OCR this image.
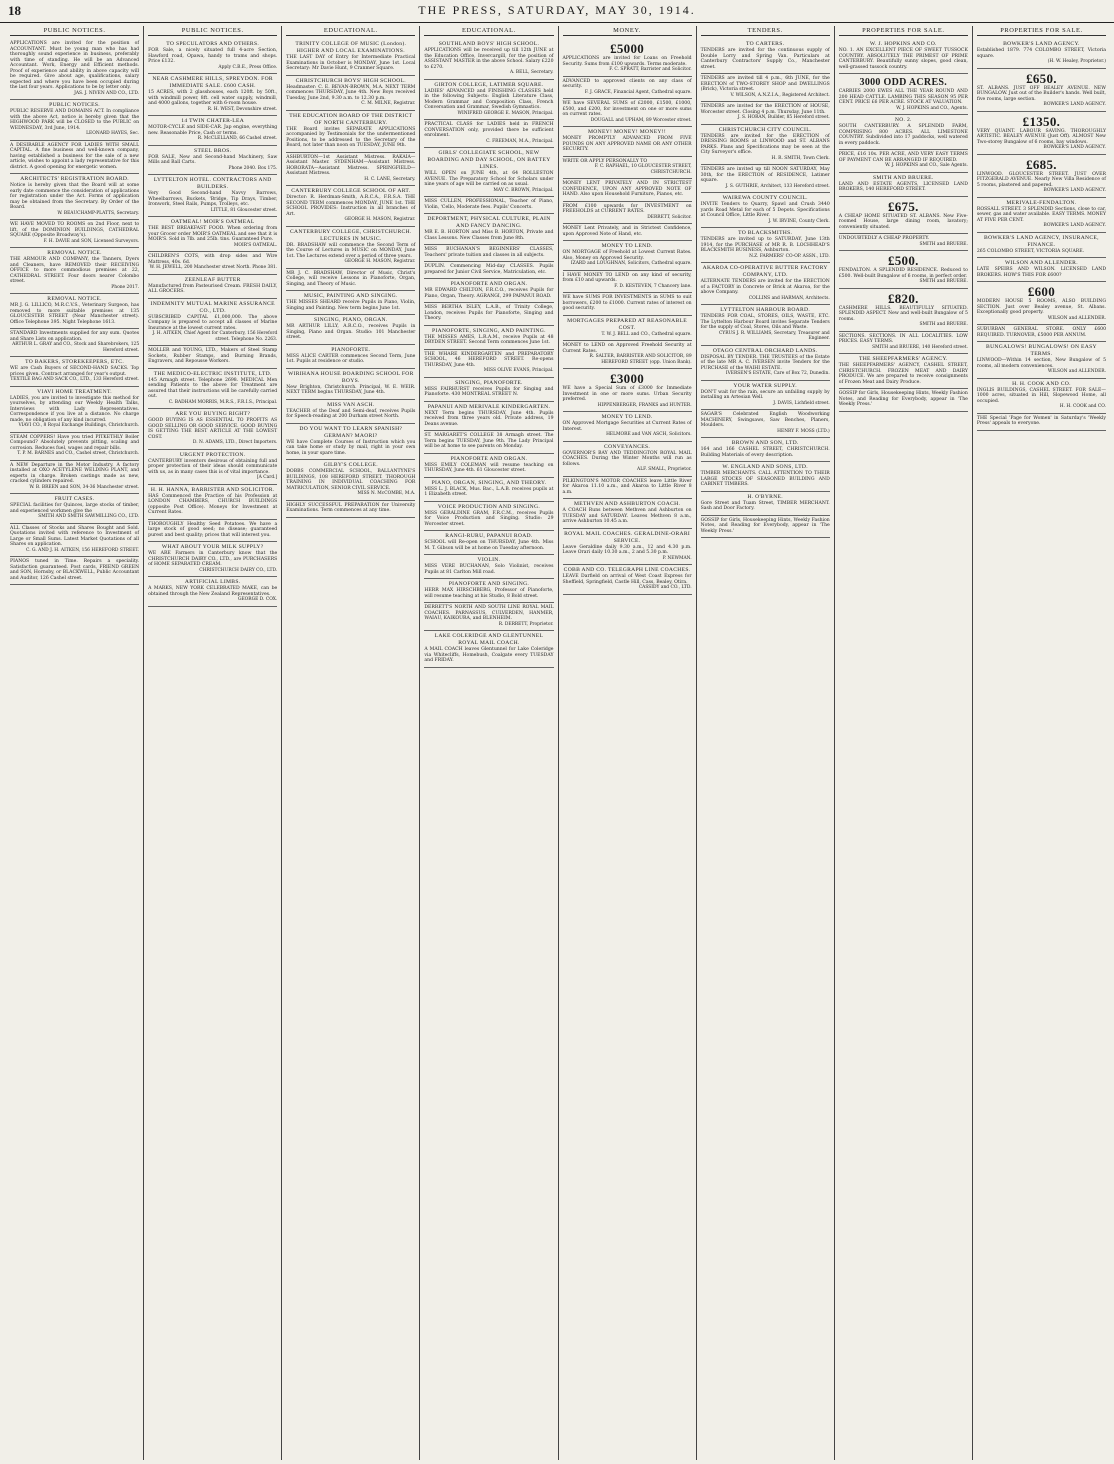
18	THE PRESS, SATURDAY, MAY 30, 1914.
PUBLIC NOTICES.
APPLICATIONS are invited for the position of ACCOUNTANT. Must be young man who has had thoroughly sound experience in business, preferably with time of standing. He will be an Advanced Accountant. Work, Energy and Efficient methods. Proof of experience and ability in above capacity will be required. Give about age, qualifications, salary expected and where you have been occupied during the last four years. Applications to be by letter only.
JAS. J. NIVEN AND CO., LTD.
PUBLIC NOTICES.
PUBLIC RESERVE AND DOMAINS ACT. In compliance with the above Act, notice is hereby given that the HIGHWOOD PARK will be CLOSED to the PUBLIC on WEDNESDAY, 3rd June, 1914.
LEONARD HAYES, Sec.
A DESIRABLE AGENCY FOR LADIES WITH SMALL CAPITAL. A fine business and well-known company, having established a business for the sale of a new article, wishes to appoint a lady representative for this district. A good opening for energetic women.
ARCHITECTS' REGISTRATION BOARD.
Notice is hereby given that the Board will at some early date commence the consideration of applications for registration under the Act. Forms of application may be obtained from the Secretary. By Order of the Board.
W. BEAUCHAMP-PLATTS, Secretary.
WE HAVE MOVED TO ROOMS on 2nd Floor, next to lift, of the DOMINION BUILDINGS, CATHEDRAL SQUARE (Opposite Broadway's).
F. H. DAVIE and SON, Licensed Surveyors.
REMOVAL NOTICE.
THE ARMOUR AND COMPANY, the Tanners, Dyers and Cleaners, have REMOVED their RECEIVING OFFICE to more commodious premises at 22, CATHEDRAL STREET. Four doors nearer Colombo street.
Phone 2017.
REMOVAL NOTICE.
MR J. G. LILLICO, M.R.C.V.S., Veterinary Surgeon, has removed to more suitable premises at 135 GLOUCESTER STREET (Near Manchester street). Office Telephone 395. Night Telephone 1613.
STANDARD Investments supplied for any sum. Quotes and Share Lists on application.
ARTHUR L. GRAY and CO., Stock and Sharebrokers, 125 Hereford street.
TO BAKERS, STOREKEEPERS, ETC.
WE are Cash Buyers of SECOND-HAND SACKS. Top prices given. Contract arranged for year's output.
TEXTILE BAG AND SACK CO., LTD., 133 Hereford street.
VIAVI HOME TREATMENT.
LADIES, you are invited to investigate this method for yourselves, by attending our Weekly Health Talks, Interviews with Lady Representatives. Correspondence if you live at a distance. No charge made, no obligation of any kind incurred.
VIAVI CO., 8 Royal Exchange Buildings, Christchurch.
STEAM COPPERS! Have you tried PITKETHLY Boiler Compound? Absolutely prevents pitting, scaling and corrosion. Reduces fuel, wages and repair bills.
T. P. M. BARNES and CO., Cashel street, Christchurch.
A NEW Departure in the Motor Industry. A factory installed at OXO ACETYLENE WELDING PLANT, and experts in charge. Broken castings made as new, cracked cylinders repaired.
W. B. BREEN and SON, 34-36 Manchester street.
FRUIT CASES.
SPECIAL facilities for Quinces, large stocks of timber, and experienced workmen give the
SMITH AND SMITH SAWMILLING CO., LTD.
ALL Classes of Stocks and Shares Bought and Sold. Quotations invited with reference to Investment of Large or Small Sums. Latest Market Quotations of all Shares on application.
C. G. AND J. H. AITKEN, 156 HEREFORD STREET.
PIANOS tuned in Time. Repairs a speciality. Satisfaction guaranteed. Post cards, FRIEND GREEN and SON, Hornsby, or BLACKWELL, Public Accountant and Auditor, 126 Cashel street.
PUBLIC NOTICES.
TO SPECULATORS AND OTHERS.
FOR Sale, a nicely situated full 4-acre Section, Hawford road, Opawa, handy to trams and shops. Price £132.
Apply C.B.E., Press Office.
NEAR CASHMERE HILLS, SPREYDON. FOR IMMEDIATE SALE. £600 CASH.
15 ACRES, with 2 glasshouses, each 120ft. by 50ft., with windmill power, 8ft. cell water supply, windmill, and 4000 gallons, together with 6-room house.
R. H. WEST, Devonshire street.
14 TWIN CHATER-LEA
MOTOR-CYCLE and SIDE-CAR. Jap engine, everything new. Reasonable Price, Cash or terms.
R. McCLELLAND, 66 Cashel street.
STEEL BROS.
FOR SALE, New and Second-hand Machinery, Saw Mills and Ball Carts.
Phone 2040. Box 175.
LYTTELTON HOTEL. CONTRACTORS AND BUILDERS.
Very Good Second-hand Navvy Barrows, Wheelbarrows, Buckets, 'Bridge, Tip Drays, Timber, Ironwork, Steel Rails, Pumps, Trolleys, etc.
LITTLE, 81 Gloucester street.
OATMEAL! MOIR'S OATMEAL
THE BEST BREAKFAST FOOD. When ordering from your Grocer order MOIR'S OATMEAL and see that it is MOIR'S. Sold in 7lb. and 25lb. tins. Guaranteed Pure.
MOIR'S OATMEAL.
CHILDREN'S COTS, with drop sides and Wire Mattress, 40s. 6d.
W. H. JEWELL, 200 Manchester street North. Phone 381.
ZEENLEAF BUTTER
Manufactured from Pasteurised Cream. FRESH DAILY, ALL GROCERS.
INDEMNITY MUTUAL MARINE ASSURANCE CO., LTD.
SUBSCRIBED CAPITAL £1,000,000. The above Company is prepared to accept all classes of Marine Insurance at the lowest current rates.
J. H. AITKEN, Chief Agent for Canterbury, 156 Hereford street. Telephone No. 2263.
MOLLER and YOUNG, LTD., Makers of Steel Stamp Sockets, Rubber Stamps, and Burning Brands, Engravers, and Repousse Workers.
THE MEDICO-ELECTRIC INSTITUTE, LTD.
145 Armagh street. Telephone 2698. MEDICAL Men sending Patients to the above for Treatment are assured that their instructions will be carefully carried out.
C. BADHAM MORRIS, M.R.S., F.R.I.S., Principal.
ARE YOU BUYING RIGHT?
GOOD BUYING IS AS ESSENTIAL TO PROFITS AS GOOD SELLING OR GOOD SERVICE. GOOD BUYING IS GETTING THE BEST ARTICLE AT THE LOWEST COST.
D. N. ADAMS, LTD., Direct Importers.
URGENT PROTECTION.
CANTERBURY inventors desirous of obtaining full and proper protection of their ideas should communicate with us, as in many cases this is of vital importance.
[A Card.]
H. H. HANNA, BARRISTER AND SOLICITOR.
HAS Commenced the Practice of his Profession at LONDON CHAMBERS, CHURCH BUILDINGS (opposite Post Office). Moneys for Investment at Current Rates.
THOROUGHLY Healthy Seed Potatoes. We have a large stock of good seed; no disease; guaranteed purest and best quality; prices that will interest you.
WHAT ABOUT YOUR MILK SUPPLY?
WE ARE Farmers in Canterbury know that the CHRISTCHURCH DAIRY CO., LTD., are PURCHASERS of HOME SEPARATED CREAM.
CHRISTCHURCH DAIRY CO., LTD.
ARTIFICIAL LIMBS.
A MARKS, NEW YORK CELEBRATED MAKE, can be obtained through the New Zealand Representatives.
GEORGE D. COX.
EDUCATIONAL.
TRINITY COLLEGE OF MUSIC (London). HIGHER AND LOCAL EXAMINATIONS.
THE LAST DAY of Entry for Intermediate Practical Examinations in October is MONDAY, June 1st. Local Secretary: Mr Davie Hunt, 9 Cranmer Square.
CHRISTCHURCH BOYS' HIGH SCHOOL.
Headmaster: C. E. BEVAN-BROWN, M.A. NEXT TERM commences THURSDAY, June 4th. New Boys received Tuesday, June 2nd, 9.30 a.m. to 12.30 p.m.
C. M. MILNE, Registrar.
THE EDUCATION BOARD OF THE DISTRICT OF NORTH CANTERBURY.
THE Board invites SEPARATE APPLICATIONS accompanied by Testimonials for the undermentioned Positions, to be addressed to the Secretary of the Board, not later than noon on TUESDAY, JUNE 9th.
ASHBURTON—1st Assistant Mistress. RAKAIA—Assistant Master. SYDENHAM—Assistant Mistress. HORORATA—Assistant Mistress. SPRINGFIELD—Assistant Mistress.
H. C. LANE, Secretary.
CANTERBURY COLLEGE SCHOOL OF ART.
Director: R. Herdman-Smith, A.R.C.A., F.R.S.A. THE SECOND TERM commences MONDAY, JUNE 1st. THE SCHOOL PROVIDES: Instruction in all branches of Art.
GEORGE H. MASON, Registrar.
CANTERBURY COLLEGE, CHRISTCHURCH. LECTURES IN MUSIC.
DR. BRADSHAW will commence the Second Term of the Course of Lectures in MUSIC on MONDAY, June 1st. The Lectures extend over a period of three years.
GEORGE H. MASON, Registrar.
MR J. C. BRADSHAW, Director of Music, Christ's College, will receive Lessons in Pianoforte, Organ, Singing, and Theory of Music.
MUSIC, PAINTING AND SINGING.
THE MISSES SHEARD receive Pupils in Piano, Violin, Singing and Painting. New term begins June 1st.
SINGING, PIANO, ORGAN.
MR ARTHUR LILLY, A.R.C.O., receives Pupils in Singing, Piano and Organ. Studio: 101 Manchester street.
PIANOFORTE.
MISS ALICE CARTER commences Second Term, June 1st. Pupils at residence or studio.
WIRIHANA HOUSE BOARDING SCHOOL FOR BOYS.
New Brighton, Christchurch. Principal, W. E. WEIR. NEXT TERM begins THURSDAY, June 4th.
MISS VAN ASCH.
TEACHER of the Deaf and Semi-deaf, receives Pupils for Speech-reading at 200 Durham street North.
DO YOU WANT TO LEARN SPANISH? GERMAN? MAORI?
WE have Complete Courses of Instruction which you can take home or study by mail, right in your own home, in your spare time.
GILBY'S COLLEGE.
DOBBS COMMERCIAL SCHOOL, BALLANTYNE'S BUILDINGS, 108 HEREFORD STREET. THOROUGH TRAINING IN INDIVIDUAL COACHING FOR MATRICULATION, SENIOR CIVIL SERVICE.
MISS N. McCOMBE, M.A.
HIGHLY SUCCESSFUL PREPARATION for University Examinations. Term commences at any time.
EDUCATIONAL.
SOUTHLAND BOYS' HIGH SCHOOL.
APPLICATIONS will be received up till 12th JUNE at the Education Office, Invercargill, for the position of ASSISTANT MASTER in the above School. Salary £220 to £270.
A. BELL, Secretary.
GIRTON COLLEGE, LATIMER SQUARE.
LADIES' ADVANCED and FINISHING CLASSES held in the following Subjects: English Literature Class, Modern Grammar and Composition Class, French Conversation and Grammar, Swedish Gymnastics.
WINIFRED GEORGE E. MASON, Principal.
PRACTICAL CLASS for LADIES held in FRENCH CONVERSATION only, provided there be sufficient enrolment.
C. FREEMAN, M.A., Principal.
GIRLS' COLLEGIATE SCHOOL, NEW BOARDING AND DAY SCHOOL, ON BATTEY LINES.
WILL OPEN on JUNE 4th, at 64 ROLLESTON AVENUE. The Preparatory School for Scholars under nine years of age will be carried on as usual.
MAY C. BROWN, Principal.
MISS CULLEN, PROFESSIONAL, Teacher of Piano, Violin, 'Cello, Moderate fees. Pupils' Concerts.
DEPORTMENT, PHYSICAL CULTURE, PLAIN AND FANCY DANCING.
MR E. B. HORTON and Miss B. HORTON, Private and Class Lessons. New Classes from June 8th.
MISS BUCHANAN'S BEGINNERS' CLASSES, Teachers' private tuition and classes in all subjects.
DUPLIN. Commencing Mid-day CLASSES. Pupils prepared for Junior Civil Service, Matriculation, etc.
PIANOFORTE AND ORGAN.
MR EDWARD CHILTON, F.R.C.O., receives Pupils for Piano, Organ, Theory. AGRANGI, 299 PAPANUI ROAD.
MISS BERTHA ISLEY, L.A.B., of Trinity College, London, receives Pupils for Pianoforte, Singing and Theory.
PIANOFORTE, SINGING, AND PAINTING.
THE MISSES AMES, L.R.A.M., receive Pupils at 48 DRYDEN STREET. Second Term commences June 1st.
THE WHARE KINDERGARTEN and PREPARATORY SCHOOL, 46 HEREFORD STREET. Re-opens THURSDAY, June 4th.
MISS OLIVE EVANS, Principal.
SINGING, PIANOFORTE.
MISS FAIRHURST receives Pupils for Singing and Pianoforte. 430 MONTREAL STREET N.
PAPANUI AND MERIVALE KINDERGARTEN.
NEXT Term begins THURSDAY, June 4th. Pupils received from three years old. Private address, 19 Deans avenue.
ST. MARGARET'S COLLEGE 38 Armagh street. The Term begins TUESDAY, June 9th. The Lady Principal will be at home to see parents on Monday.
PIANOFORTE AND ORGAN.
MISS EMILY COLEMAN will resume teaching on THURSDAY, June 4th. 61 Gloucester street.
PIANO, ORGAN, SINGING, AND THEORY.
MISS L. J. BLACK, Mus. Bac., L.A.B. receives pupils at 1 Elizabeth street.
VOICE PRODUCTION AND SINGING.
MISS GERALDINE GRAM, F.R.C.M., receives Pupils for Voice Production and Singing. Studio: 29 Worcester street.
RANGI-RURU, PAPANUI ROAD.
SCHOOL will Re-open on THURSDAY, June 4th. Miss M. T. Gibson will be at home on Tuesday afternoon.
VIOLIN.
MISS VERE BUCHANAN, Solo Violinist, receives Pupils at 81 Carlton Mill road.
PIANOFORTE AND SINGING.
HERR MAX HIRSCHBERG, Professor of Pianoforte, will resume teaching at his Studio, 8 Bold street.
DERRETT'S NORTH AND SOUTH LINE ROYAL MAIL COACHES. PARNASSUS, CULVERDEN, HANMER, WAIAU, KAIKOURA, and BLENHEIM.
R. DERRETT, Proprietor.
LAKE COLERIDGE AND GLENTUNNEL ROYAL MAIL COACH.
A MAIL COACH leaves Glentunnel for Lake Coleridge via Whitecliffs, Homebush, Coalgate every TUESDAY and FRIDAY.
MONEY.
£5000
APPLICATIONS are invited for Loans on Freehold Security. Sums from £100 upwards. Terms moderate.
F. C. SPRATT, Barrister and Solicitor.
ADVANCED to approved clients on any class of security.
F. J. GRACE, Financial Agent, Cathedral square.
WE have SEVERAL SUMS of £2000, £1500, £1000, £500, and £200, for investment on one or more sums on current rates.
DOUGALL and UPHAM, 89 Worcester street.
MONEY! MONEY! MONEY!!
MONEY PROMPTLY ADVANCED FROM FIVE POUNDS ON ANY APPROVED NAME OR ANY OTHER SECURITY.
WRITE OR APPLY PERSONALLY TO
F. C. RAPHAEL, 10 GLOUCESTER STREET, CHRISTCHURCH.
MONEY LENT PRIVATELY AND IN STRICTEST CONFIDENCE, UPON ANY APPROVED NOTE OF HAND. Also upon Household Furniture, Pianos, etc.
FROM £100 upwards for INVESTMENT on FREEHOLDS at CURRENT RATES.
DERRETT, Solicitor.
MONEY Lent Privately, and in Strictest Confidence, upon Approved Note of Hand, etc.
MONEY TO LEND.
ON MORTGAGE of Freehold at Lowest Current Rates. Also, Money on Approved Security.
IZARD and LOUGHNAN, Solicitors, Cathedral square.
I HAVE MONEY TO LEND on any kind of security, from £10 and upwards.
F. D. KESTEVEN, 7 Chancery lane.
WE have SUMS FOR INVESTMENTS in SUMS to suit borrowers, £200 to £1000. Current rates of interest on good security.
MORTGAGES PREPARED AT REASONABLE COST.
T. W. J. BELL and CO., Cathedral square.
MONEY to LEND on Approved Freehold Security at Current Rates.
R. SALTER, BARRISTER AND SOLICITOR, 89 HEREFORD STREET (opp. Union Bank).
£3000
WE have a Special Sum of £3000 for Immediate Investment in one or more sums. Urban Security preferred.
HIPPENBERGER, FRANKS and HUNTER.
MONEY TO LEND.
ON Approved Mortgage Securities at Current Rates of Interest.
HELMORE and VAN ASCH, Solicitors.
CONVEYANCES.
GOVERNOR'S BAY AND TEDDINGTON ROYAL MAIL COACHES. During the Winter Months will run as follows.
ALF. SMALL, Proprietor.
PILKINGTON'S MOTOR COACHES leave Little River for Akaroa 11.10 a.m., and Akaroa to Little River 8 a.m.
METHVEN AND ASHBURTON COACH.
A COACH Runs between Methven and Ashburton on TUESDAY and SATURDAY. Leaves Methven 8 a.m., arrive Ashburton 10.45 a.m.
ROYAL MAIL COACHES. GERALDINE-ORARI SERVICE.
Leave Geraldine daily 9.30 a.m., 12 and 4.30 p.m. Leave Orari daily 10.30 a.m., 2 and 5.30 p.m.
P. NEWMAN.
COBB AND CO. TELEGRAPH LINE COACHES.
LEAVE Darfield on arrival of West Coast Express for Sheffield, Springfield, Castle Hill, Cass, Bealey, Otira.
CASSIDY and CO., LTD.
TENDERS.
TO CARTERS.
TENDERS are invited for the continuous supply of Double Lorry and Spring Van. Particulars at Canterbury Contractors' Supply Co., Manchester street.
TENDERS are invited till 4 p.m., 6th JUNE, for the ERECTION of TWO-STOREY SHOP and DWELLINGS (Brick), Victoria street.
V. WILSON, A.N.Z.I.A., Registered Architect.
TENDERS are invited for the ERECTION of HOUSE, Worcester street. Closing 4 p.m. Thursday, June 11th.
J. S. HORAN, Builder, 85 Hereford street.
CHRISTCHURCH CITY COUNCIL.
TENDERS are invited for the ERECTION of DRESSING ROOMS at LINWOOD and ST. ALBANS PARKS. Plans and Specifications may be seen at the City Surveyor's office.
H. R. SMITH, Town Clerk.
TENDERS are invited up till NOON SATURDAY, May 30th, for the ERECTION of RESIDENCE, Latimer square.
J. S. GUTHRIE, Architect, 133 Hereford street.
WAIREWA COUNTY COUNCIL.
INVITE Tenders to Quarry, Spawl and Crush 3440 yards Road Metal for each of 5 Depots. Specifications at Council Office, Little River.
J. W. IRVINE, County Clerk.
TO BLACKSMITHS.
TENDERS are invited up to SATURDAY, June 13th 1914, for the PURCHASE of MR R. B. LOCHHEAD'S BLACKSMITH BUSINESS, Ashburton.
N.Z. FARMERS' CO-OP. ASSN., LTD.
AKAROA CO-OPERATIVE BUTTER FACTORY COMPANY, LTD.
ALTERNATE TENDERS are invited for the ERECTION of a FACTORY in Concrete or Brick at Akaroa, for the above Company.
COLLINS and HARMAN, Architects.
LYTTELTON HARBOUR BOARD.
TENDERS FOR COAL, STORES, OILS, WASTE, ETC. The Lyttelton Harbour Board invites Separate Tenders for the supply of Coal, Stores, Oils and Waste.
CYRUS J. R. WILLIAMS, Secretary, Treasurer and Engineer.
OTAGO CENTRAL ORCHARD LANDS.
DISPOSAL BY TENDER. THE TRUSTEES of the Estate of the late MR A. C. IVERSEN invite Tenders for the PURCHASE of the WAIHI ESTATE.
IVERSEN'S ESTATE, Care of Box 72, Dunedin.
YOUR WATER SUPPLY.
DON'T wait for the rain, secure an unfailing supply by installing an Artesian Well.
J. DAVIS, Lichfield street.
SAGAR'S Celebrated English Woodworking MACHINERY, Swingsaws, Saw Benches, Planers, Moulders.
HENRY F. MOSS (LTD.)
BROWN AND SON, LTD.
164 and 166 CASHEL STREET, CHRISTCHURCH. Building Materials of every description.
W. ENGLAND AND SONS, LTD.
TIMBER MERCHANTS. CALL ATTENTION TO THEIR LARGE STOCKS OF SEASONED BUILDING AND CABINET TIMBERS.
H. O'BYRNE.
Gore Street and Tuam Street, TIMBER MERCHANT. Sash and Door Factory.
GOSSIP for Girls, Housekeeping Hints, Weekly Fashion Notes, and Reading for Everybody, appear in 'The Weekly Press.'
PROPERTIES FOR SALE.
W. J. HOPKINS AND CO.
NO. 1. AN EXCELLENT PIECE OF SWEET TUSSOCK COUNTRY. ABSOLUTELY THE PRIMEST OF PRIME CANTERBURY. Beautifully sunny slopes, good clean, well-grassed tussock country.
3000 ODD ACRES.
CARRIES 2000 EWES ALL THE YEAR ROUND AND 200 HEAD CATTLE. LAMBING THIS SEASON 95 PER CENT. PRICE £6 PER ACRE. STOCK AT VALUATION.
W. J. HOPKINS and CO., Agents.
NO. 2.
SOUTH CANTERBURY. A SPLENDID FARM, COMPRISING 800 ACRES. ALL LIMESTONE COUNTRY. Subdivided into 17 paddocks, well watered in every paddock.
PRICE, £16 10s. PER ACRE, AND VERY EASY TERMS OF PAYMENT CAN BE ARRANGED IF REQUIRED.
W. J. HOPKINS and CO., Sale Agents.
SMITH AND BRUERE.
LAND AND ESTATE AGENTS, LICENSED LAND BROKERS, 140 HEREFORD STREET.
£675.
A CHEAP HOME SITUATED ST. ALBANS. New Five-roomed House, large dining room, lavatory; conveniently situated.
UNDOUBTEDLY A CHEAP PROPERTY.
SMITH and BRUERE.
£500.
FENDALTON. A SPLENDID RESIDENCE. Reduced to £500. Well-built Bungalow of 6 rooms, in perfect order.
SMITH and BRUERE.
£820.
CASHMERE HILLS. BEAUTIFULLY SITUATED. SPLENDID ASPECT. New and well-built Bungalow of 5 rooms.
SMITH and BRUERE.
SECTIONS. SECTIONS. IN ALL LOCALITIES. LOW PRICES. EASY TERMS.
SMITH and BRUERE, 140 Hereford street.
THE SHEEPFARMERS' AGENCY.
THE SHEEPFARMERS' AGENCY, CASHEL STREET, CHRISTCHURCH. FROZEN MEAT AND DAIRY PRODUCE. We are prepared to receive consignments of Frozen Meat and Dairy Produce.
GOSSIP for Girls, Housekeeping Hints, Weekly Fashion Notes, and Reading for Everybody, appear in 'The Weekly Press.'
PROPERTIES FOR SALE.
BOWKER'S LAND AGENCY.
Established 1879. 774 COLOMBO STREET, Victoria square.
(H. W. Healey, Proprietor.)
£650.
ST. ALBANS. JUST OFF BEALEY AVENUE. NEW BUNGALOW. Just out of the Builder's hands. Well built, five rooms, large section.
BOWKER'S LAND AGENCY.
£1350.
VERY QUAINT. LABOUR SAVING. THOROUGHLY ARTISTIC. BEALEY AVENUE (Just Off). ALMOST New Two-storey Bungalow of 6 rooms, bay windows.
BOWKER'S LAND AGENCY.
£685.
LINWOOD. GLOUCESTER STREET. JUST OVER FITZGERALD AVENUE. Nearly New Villa Residence of 5 rooms, plastered and papered.
BOWKER'S LAND AGENCY.
MERIVALE-FENDALTON.
ROSSALL STREET. 3 SPLENDID Sections, close to car, sewer, gas and water available. EASY TERMS. MONEY AT FIVE PER CENT.
BOWKER'S LAND AGENCY.
BOWKER'S LAND AGENCY, INSURANCE, FINANCE.
265 COLOMBO STREET, VICTORIA SQUARE.
WILSON AND ALLENDER.
LATE SPEIRS AND WILSON. LICENSED LAND BROKERS. HOW'S THIS FOR £600?
£600
MODERN HOUSE 5 ROOMS, ALSO BUILDING SECTION. Just over Bealey avenue, St. Albans. Exceptionally good property.
WILSON and ALLENDER.
SUBURBAN GENERAL STORE. ONLY £600 REQUIRED. TURNOVER, £5000 PER ANNUM.
BUNGALOWS! BUNGALOWS! ON EASY TERMS.
LINWOOD—Within 14 section, New Bungalow of 5 rooms, all modern conveniences.
WILSON and ALLENDER.
H. H. COOK AND CO.
INGLIS BUILDINGS, CASHEL STREET. FOR SALE—1000 acres, situated in Hill, Slopewood Home, all occupied.
H. H. COOK and CO.
THE Special 'Page for Women' in Saturday's 'Weekly Press' appeals to everyone.
